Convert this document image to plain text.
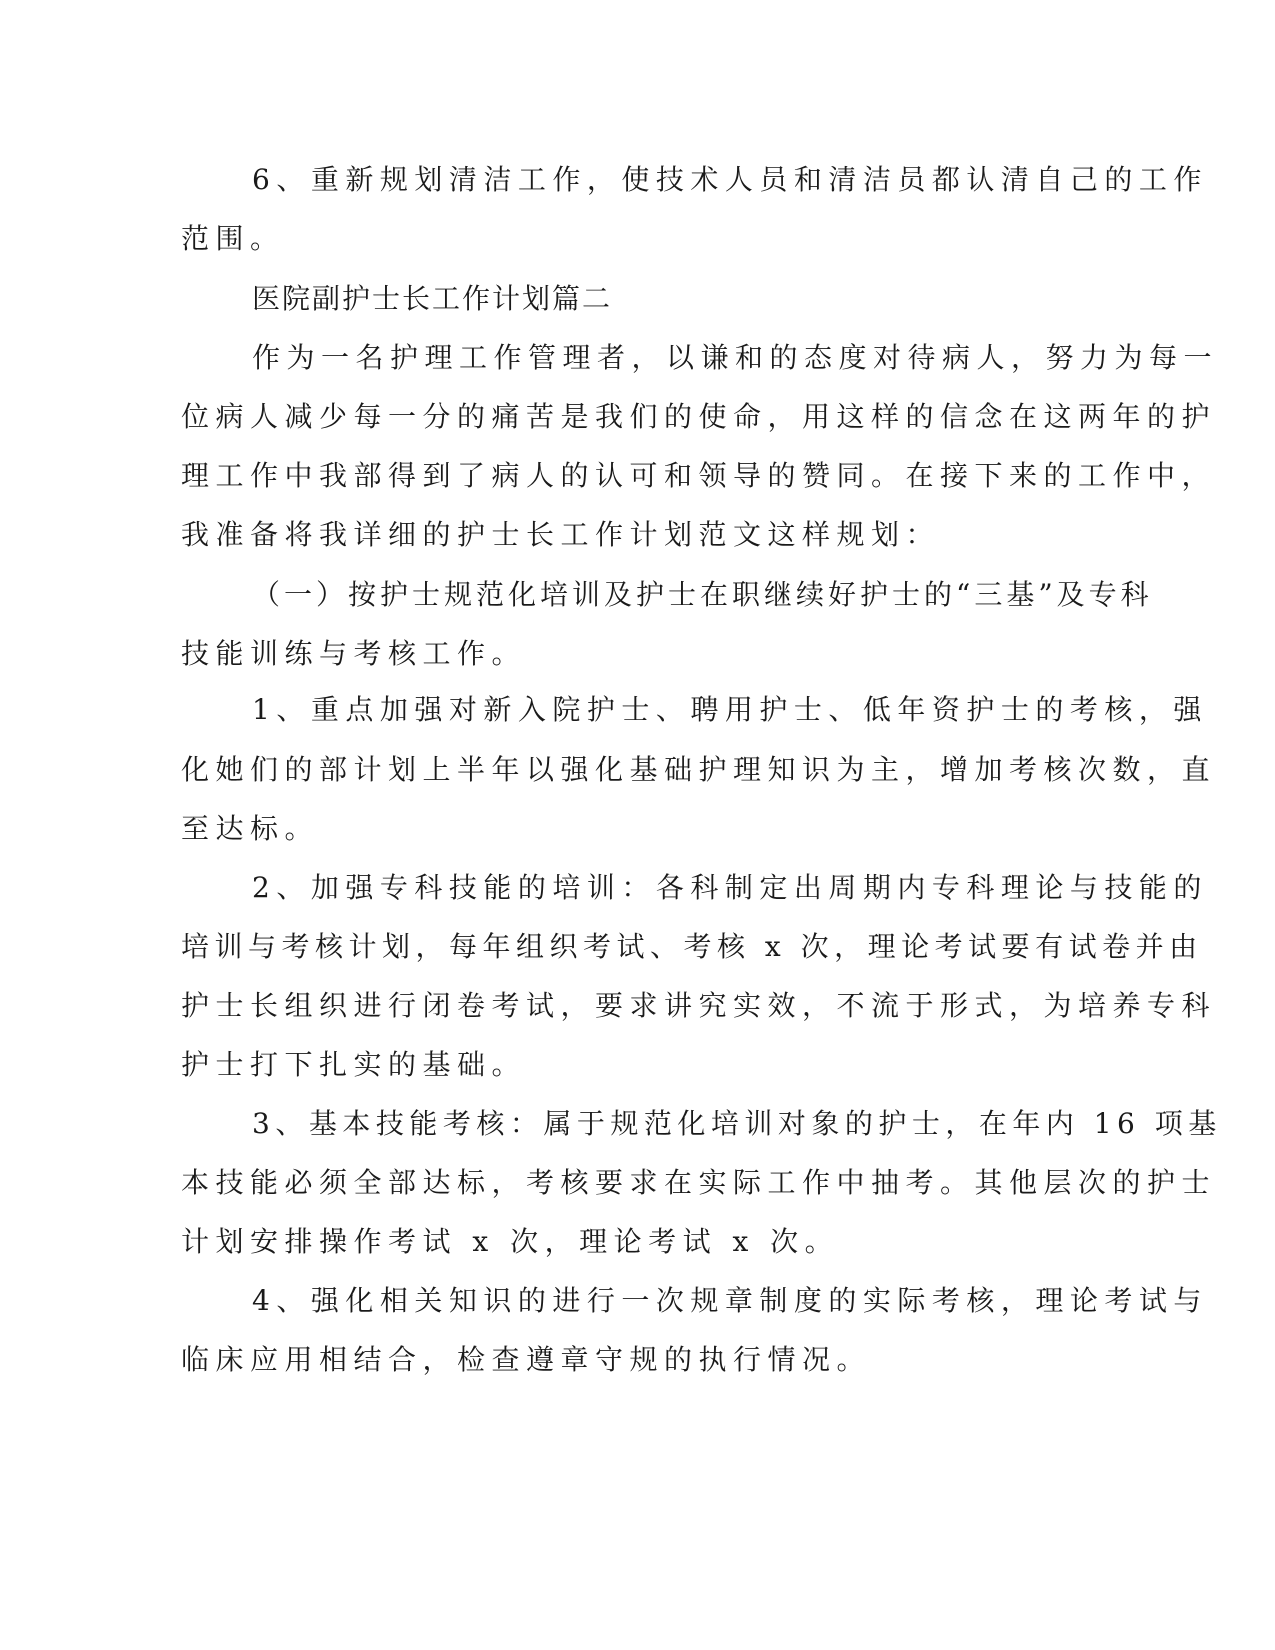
6、重新规划清洁工作，使技术人员和清洁员都认清自己的工作
范围。
医院副护士长工作计划篇二
作为一名护理工作管理者，以谦和的态度对待病人，努力为每一
位病人减少每一分的痛苦是我们的使命，用这样的信念在这两年的护
理工作中我部得到了病人的认可和领导的赞同。在接下来的工作中，
我准备将我详细的护士长工作计划范文这样规划：
（一）按护士规范化培训及护士在职继续好护士的“三基”及专科
技能训练与考核工作。
1、重点加强对新入院护士、聘用护士、低年资护士的考核，强
化她们的部计划上半年以强化基础护理知识为主，增加考核次数，直
至达标。
2、加强专科技能的培训：各科制定出周期内专科理论与技能的
培训与考核计划，每年组织考试、考核 x 次，理论考试要有试卷并由
护士长组织进行闭卷考试，要求讲究实效，不流于形式，为培养专科
护士打下扎实的基础。
3、基本技能考核：属于规范化培训对象的护士，在年内 16 项基
本技能必须全部达标，考核要求在实际工作中抽考。其他层次的护士
计划安排操作考试 x 次，理论考试 x 次。
4、强化相关知识的进行一次规章制度的实际考核，理论考试与
临床应用相结合，检查遵章守规的执行情况。
